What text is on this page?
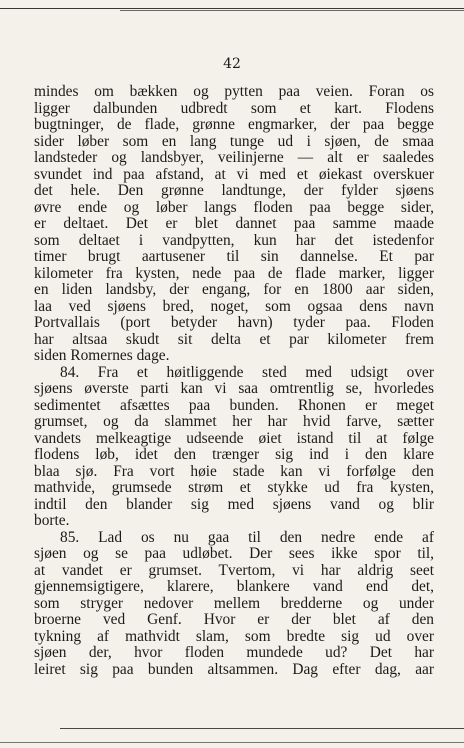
42
mindes om bækken og pytten paa veien. Foran os
ligger dalbunden udbredt som et kart. Flodens
bugtninger, de flade, grønne engmarker, der paa begge
sider løber som en lang tunge ud i sjøen, de smaa
landsteder og landsbyer, veilinjerne — alt er saaledes
svundet ind paa afstand, at vi med et øiekast overskuer
det hele. Den grønne landtunge, der fylder sjøens
øvre ende og løber langs floden paa begge sider,
er deltaet. Det er blet dannet paa samme maade
som deltaet i vandpytten, kun har det istedenfor
timer brugt aartusener til sin dannelse. Et par
kilometer fra kysten, nede paa de flade marker, ligger
en liden landsby, der engang, for en 1800 aar siden,
laa ved sjøens bred, noget, som ogsaa dens navn
Portvallais (port betyder havn) tyder paa. Floden
har altsaa skudt sit delta et par kilometer frem
siden Romernes dage.
84. Fra et høitliggende sted med udsigt over
sjøens øverste parti kan vi saa omtrentlig se, hvorledes
sedimentet afsættes paa bunden. Rhonen er meget
grumset, og da slammet her har hvid farve, sætter
vandets melkeagtige udseende øiet istand til at følge
flodens løb, idet den trænger sig ind i den klare
blaa sjø. Fra vort høie stade kan vi forfølge den
mathvide, grumsede strøm et stykke ud fra kysten,
indtil den blander sig med sjøens vand og blir
borte.
85. Lad os nu gaa til den nedre ende af
sjøen og se paa udløbet. Der sees ikke spor til,
at vandet er grumset. Tvertom, vi har aldrig seet
gjennemsigtigere, klarere, blankere vand end det,
som stryger nedover mellem bredderne og under
broerne ved Genf. Hvor er der blet af den
tykning af mathvidt slam, som bredte sig ud over
sjøen der, hvor floden mundede ud? Det har
leiret sig paa bunden altsammen. Dag efter dag, aar
